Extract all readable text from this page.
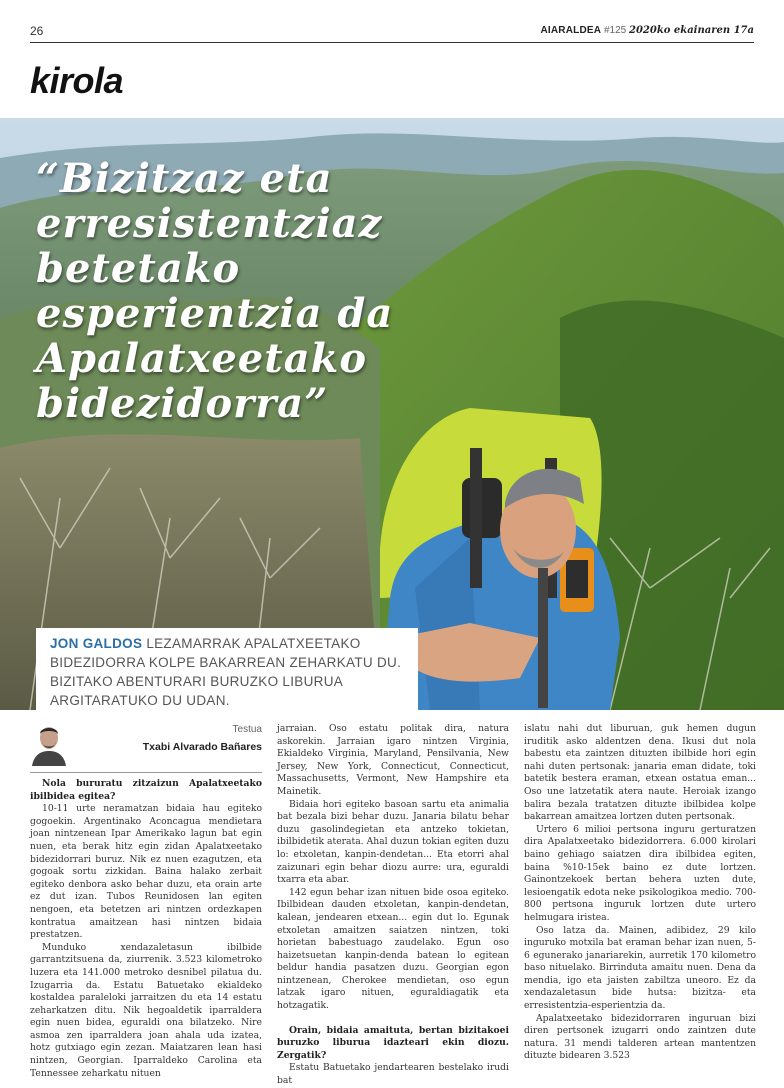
26	AIARALDEA #125 2020ko ekainaren 17a
kirola
“Bizitzaz eta erresistentziaz betetako esperientzia da Apalatxeetako bidezidorra”
JON GALDOS LEZAMARRAK APALATXEETAKO BIDEZIDORRA KOLPE BAKARREAN ZEHARKATU DU. BIZITAKO ABENTURARI BURUZKO LIBURUA ARGITARATUKO DU UDAN.
Testua
Txabi Alvarado Bañares

Nola bururatu zitzaizun Apalatxeetako ibilbidea egitea?

10-11 urte neramatzan bidaia hau egiteko gogoekin. Argentinako Aconcagua mendietara joan nintzenean Ipar Amerikako lagun bat egin nuen, eta berak hitz egin zidan Apalatxeetako bidezidorrari buruz. Nik ez nuen ezagutzen, eta gogoak sortu zizkidan. Baina halako zerbait egiteko denbora asko behar duzu, eta orain arte ez dut izan. Tubos Reunidosen lan egiten nengoen, eta betetzen ari nintzen ordezkapen kontratua amaitzean hasi nintzen bidaia prestatzen.

Munduko xendazaletasun ibilbide garrantzitsuena da, ziurrenik. 3.523 kilometroko luzera eta 141.000 metroko desnibel pilatua du. Izugarria da. Estatu Batuetako ekialdeko kostaldea paraleloki jarraitzen du eta 14 estatu zeharkatzen ditu. Nik hegoaldetik iparraldera egin nuen bidea, eguraldi ona bilatzeko. Nire asmoa zen iparraldera joan ahala uda izatea, hotz gutxiago egin zezan. Maiatzaren lean hasi nintzen, Georgian. Iparraldeko Carolina eta Tennessee zeharkatu nituen

jarraian. Oso estatu politak dira, natura askorekin. Jarraian igaro nintzen Virginia, Ekialdeko Virginia, Maryland, Pensilvania, New Jersey, New York, Connecticut, Connecticut, Massachusetts, Vermont, New Hampshire eta Mainetik.

Bidaia hori egiteko basoan sartu eta animalia bat bezala bizi behar duzu. Janaria bilatu behar duzu gasolindegietan eta antzeko tokietan, ibilbidetik aterata. Ahal duzun tokian egiten duzu lo: etxoletan, kanpin-dendetan... Eta etorri ahal zaizunari egin behar diozu aurre: ura, eguraldi txarra eta abar.

142 egun behar izan nituen bide osoa egiteko. Ibilbidean dauden etxoletan, kanpin-dendetan, kalean, jendearen etxean... egin dut lo. Egunak etxoletan amaitzen saiatzen nintzen, toki horietan babestuago zaudelako. Egun oso haizetsuetan kanpin-denda batean lo egitean beldur handia pasatzen duzu. Georgian egon nintzenean, Cherokee mendietan, oso egun latzak igaro nituen, eguraldiagatik eta hotzagatik.

Orain, bidaia amaituta, bertan bizitakoei buruzko liburua idazteari ekin diozu. Zergatik?

Estatu Batuetako jendartearen bestelako irudi bat

islatu nahi dut liburuan, guk hemen dugun iruditik asko aldentzen dena. Ikusi dut nola babestu eta zaintzen dituzten ibilbide hori egin nahi duten pertsonak: janaria eman didate, toki batetik bestera eraman, etxean ostatua eman... Oso une latzetatik atera naute. Heroiak izango balira bezala tratatzen dituzte ibilbidea kolpe bakarrean amaitzea lortzen duten pertsonak.

Urtero 6 milioi pertsona inguru gerturatzen dira Apalatxeetako bidezidorrera. 6.000 kirolari baino gehiago saiatzen dira ibilbidea egiten, baina %10-15ek baino ez dute lortzen. Gainontzekoek bertan behera uzten dute, lesioengatik edota neke psikologikoa medio. 700-800 pertsona inguruk lortzen dute urtero helmugara iristea.

Oso latza da. Mainen, adibidez, 29 kilo inguruko motxila bat eraman behar izan nuen, 5-6 egunerako janariarekin, aurretik 170 kilometro baso nituelako. Birrinduta amaitu nuen. Dena da mendia, igo eta jaisten zabiltza uneoro. Ez da xendazaletasun bide hutsa: bizitza- eta erresistentzia-esperientzia da.

Apalatxeetako bidezidorraren inguruan bizi diren pertsonek izugarri ondo zaintzen dute natura. 31 mendi talderen artean mantentzen dituzte bidearen 3.523
